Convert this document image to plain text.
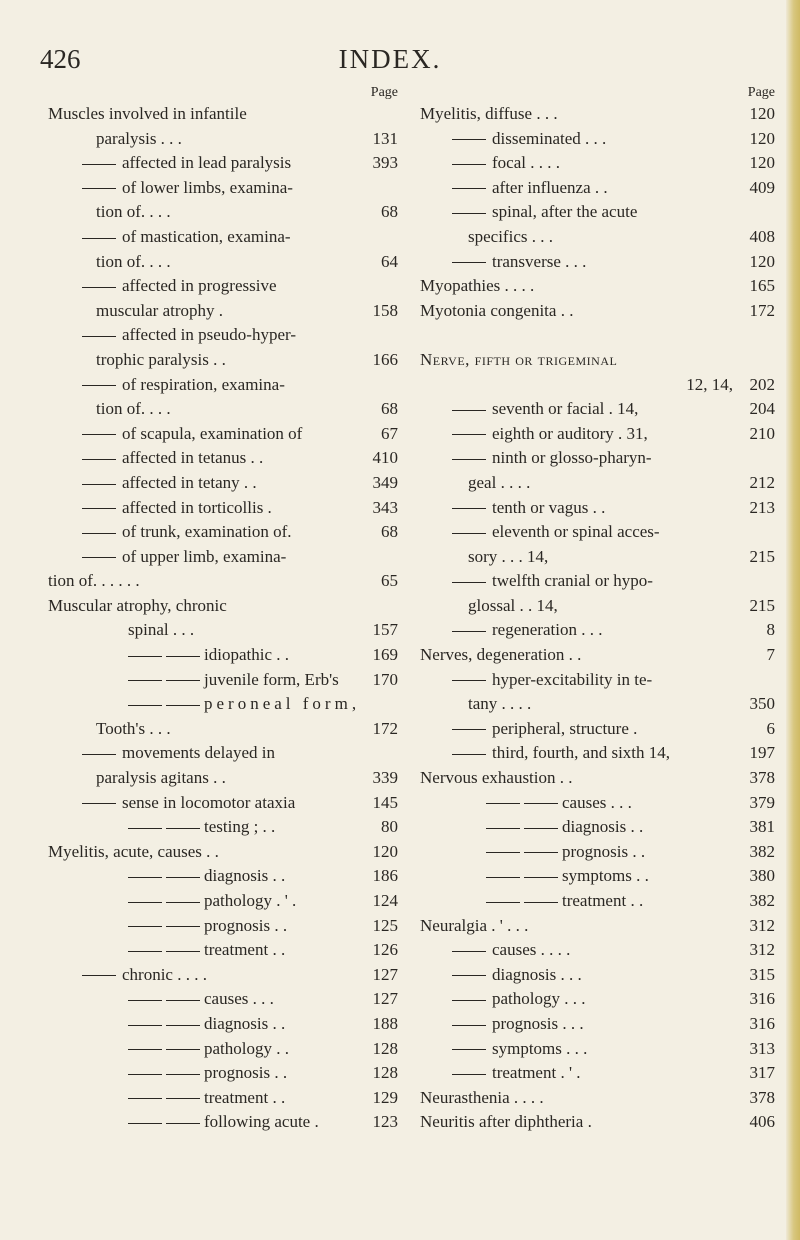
426	INDEX.
Page
Muscles involved in infantile
paralysis . . .	131
affected in lead paralysis	393
of lower limbs, examina-
tion of. . . .	68
of mastication, examina-
tion of. . . .	64
affected in progressive
muscular atrophy .	158
affected in pseudo-hyper-
trophic paralysis . .	166
of respiration, examina-
tion of. . . .	68
of scapula, examination of	67
affected in tetanus . .	410
affected in tetany . .	349
affected in torticollis .	343
of trunk, examination of.	68
of upper limb, examina-
tion of. . . . . .	65
Muscular atrophy, chronic
spinal . . .	157
idiopathic . .	169
juvenile form, Erb's 170
peroneal form,
Tooth's . . .	172
movements delayed in
paralysis agitans . .	339
sense in locomotor ataxia	145
testing ; . .	80
Myelitis, acute, causes . .	120
diagnosis . .	186
pathology . ' .	124
prognosis . .	125
treatment . .	126
chronic . . . .	127
causes . . .	127
diagnosis . .	188
pathology . .	128
prognosis . .	128
treatment . .	129
following acute .	123
Page
Myelitis, diffuse . . .	120
disseminated . . .	120
focal . . . .	120
after influenza . .	409
spinal, after the acute
specifics . . .	408
transverse . . .	120
Myopathies . . . .	165
Myotonia congenita . .	172
Nerve, fifth or trigeminal
12, 14, 202
seventh or facial . 14,	204
eighth or auditory . 31,	210
ninth or glosso-pharyn-
geal . . . .	212
tenth or vagus . .	213
eleventh or spinal acces-
sory . . . 14,	215
twelfth cranial or hypo-
glossal . . 14,	215
regeneration . . .	8
Nerves, degeneration . .	7
hyper-excitability in te-
tany . . . .	350
peripheral, structure .	6
third, fourth, and sixth 14,	197
Nervous exhaustion . .	378
causes . . .	379
diagnosis . .	381
prognosis . .	382
symptoms . .	380
treatment . .	382
Neuralgia . ' . . .	312
causes . . . .	312
diagnosis . . .	315
pathology . . .	316
prognosis . . .	316
symptoms . . .	313
treatment . ' .	317
Neurasthenia . . . .	378
Neuritis after diphtheria .	406
